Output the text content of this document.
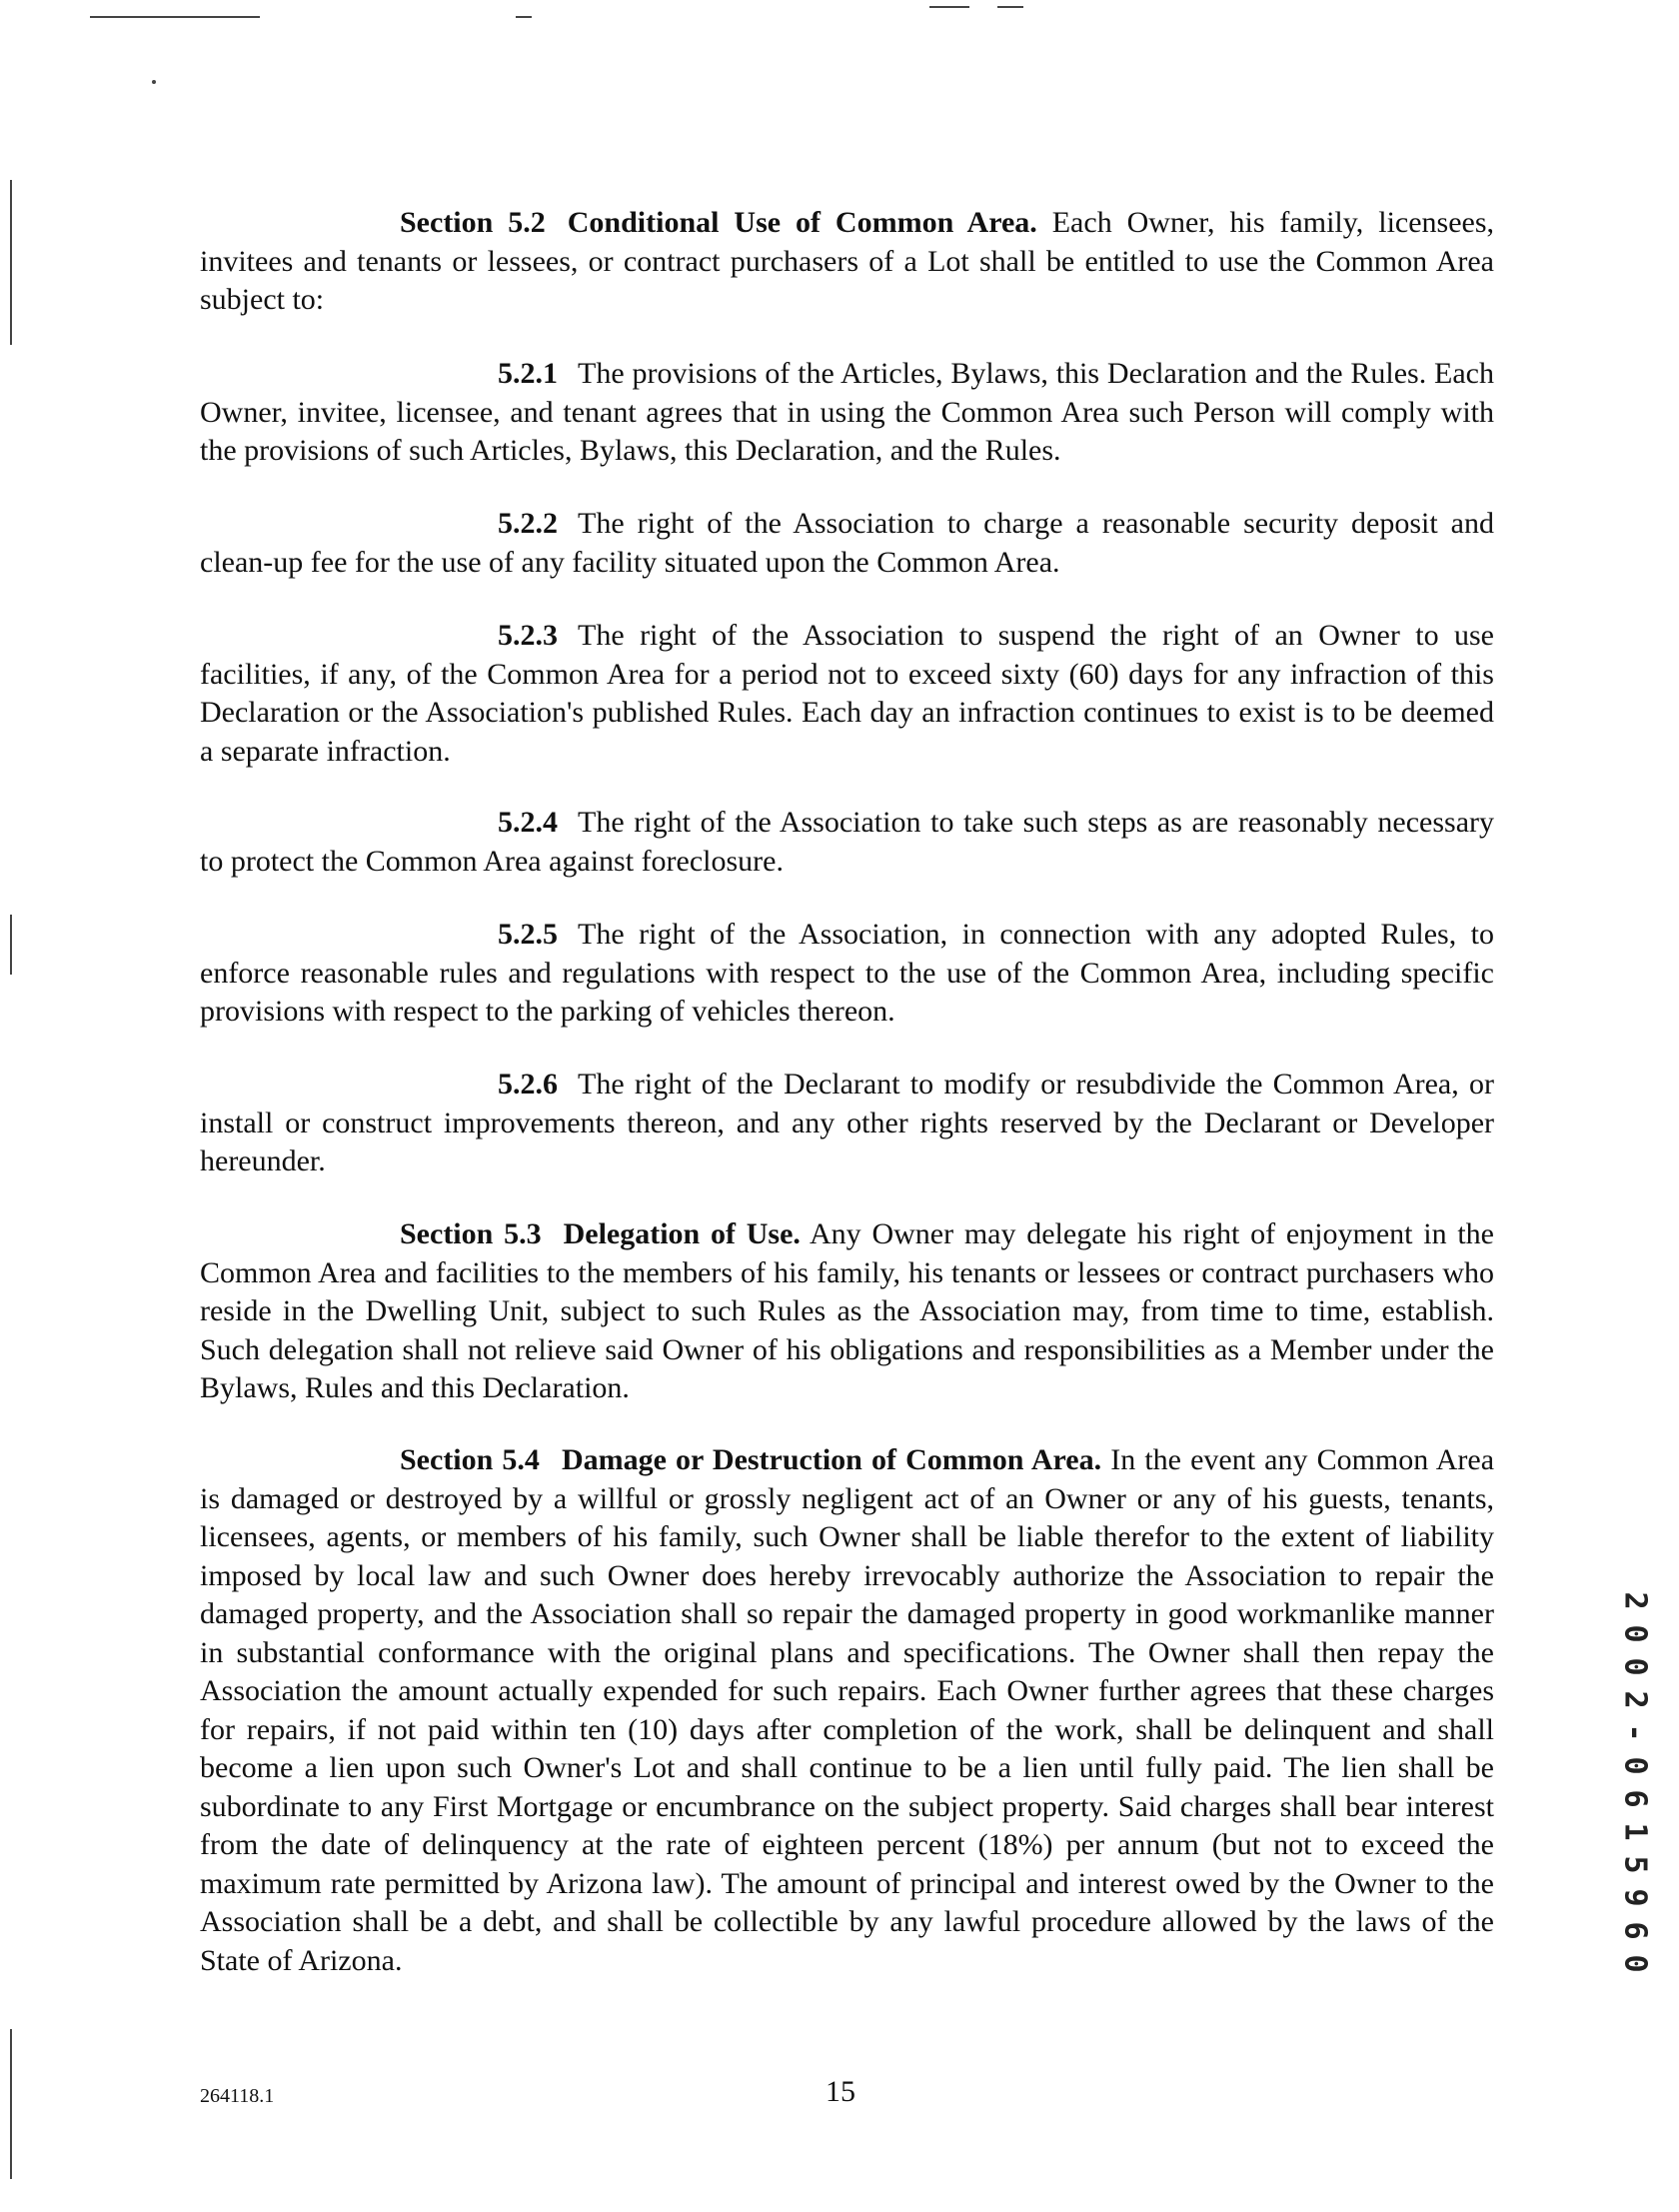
Section 5.2 Conditional Use of Common Area. Each Owner, his family, licensees, invitees and tenants or lessees, or contract purchasers of a Lot shall be entitled to use the Common Area subject to:

5.2.1 The provisions of the Articles, Bylaws, this Declaration and the Rules. Each Owner, invitee, licensee, and tenant agrees that in using the Common Area such Person will comply with the provisions of such Articles, Bylaws, this Declaration, and the Rules.

5.2.2 The right of the Association to charge a reasonable security deposit and clean-up fee for the use of any facility situated upon the Common Area.

5.2.3 The right of the Association to suspend the right of an Owner to use facilities, if any, of the Common Area for a period not to exceed sixty (60) days for any infraction of this Declaration or the Association's published Rules. Each day an infraction continues to exist is to be deemed a separate infraction.

5.2.4 The right of the Association to take such steps as are reasonably necessary to protect the Common Area against foreclosure.

5.2.5 The right of the Association, in connection with any adopted Rules, to enforce reasonable rules and regulations with respect to the use of the Common Area, including specific provisions with respect to the parking of vehicles thereon.

5.2.6 The right of the Declarant to modify or resubdivide the Common Area, or install or construct improvements thereon, and any other rights reserved by the Declarant or Developer hereunder.

Section 5.3 Delegation of Use. Any Owner may delegate his right of enjoyment in the Common Area and facilities to the members of his family, his tenants or lessees or contract purchasers who reside in the Dwelling Unit, subject to such Rules as the Association may, from time to time, establish. Such delegation shall not relieve said Owner of his obligations and responsibilities as a Member under the Bylaws, Rules and this Declaration.

Section 5.4 Damage or Destruction of Common Area. In the event any Common Area is damaged or destroyed by a willful or grossly negligent act of an Owner or any of his guests, tenants, licensees, agents, or members of his family, such Owner shall be liable therefor to the extent of liability imposed by local law and such Owner does hereby irrevocably authorize the Association to repair the damaged property, and the Association shall so repair the damaged property in good workmanlike manner in substantial conformance with the original plans and specifications. The Owner shall then repay the Association the amount actually expended for such repairs. Each Owner further agrees that these charges for repairs, if not paid within ten (10) days after completion of the work, shall be delinquent and shall become a lien upon such Owner's Lot and shall continue to be a lien until fully paid. The lien shall be subordinate to any First Mortgage or encumbrance on the subject property. Said charges shall bear interest from the date of delinquency at the rate of eighteen percent (18%) per annum (but not to exceed the maximum rate permitted by Arizona law). The amount of principal and interest owed by the Owner to the Association shall be a debt, and shall be collectible by any lawful procedure allowed by the laws of the State of Arizona.

264118.1	15
2
0
0
2
-
0
6
1
5
9
6
0
